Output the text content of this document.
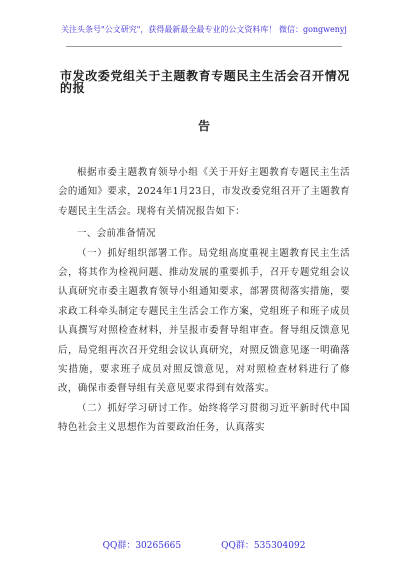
关注头条号"公文研究"，获得最新最全最专业的公文资料库！ 微信：gongwenyj
市发改委党组关于主题教育专题民主生活会召开情况的报
告

根据市委主题教育领导小组《关于开好主题教育专题民主生活会的通知》要求，2024年1月23日，市发改委党组召开了主题教育专题民主生活会。现将有关情况报告如下：

一、会前准备情况

（一）抓好组织部署工作。局党组高度重视主题教育民主生活会，将其作为检视问题、推动发展的重要抓手，召开专题党组会议认真研究市委主题教育领导小组通知要求，部署贯彻落实措施，要求政工科牵头制定专题民主生活会工作方案，党组班子和班子成员认真撰写对照检查材料，并呈报市委督导组审查。督导组反馈意见后，局党组再次召开党组会议认真研究，对照反馈意见逐一明确落实措施，要求班子成员对照反馈意见，对对照检查材料进行了修改，确保市委督导组有关意见要求得到有效落实。

（二）抓好学习研讨工作。始终将学习贯彻习近平新时代中国特色社会主义思想作为首要政治任务，认真落实

QQ群：30265665	QQ群：535304092
